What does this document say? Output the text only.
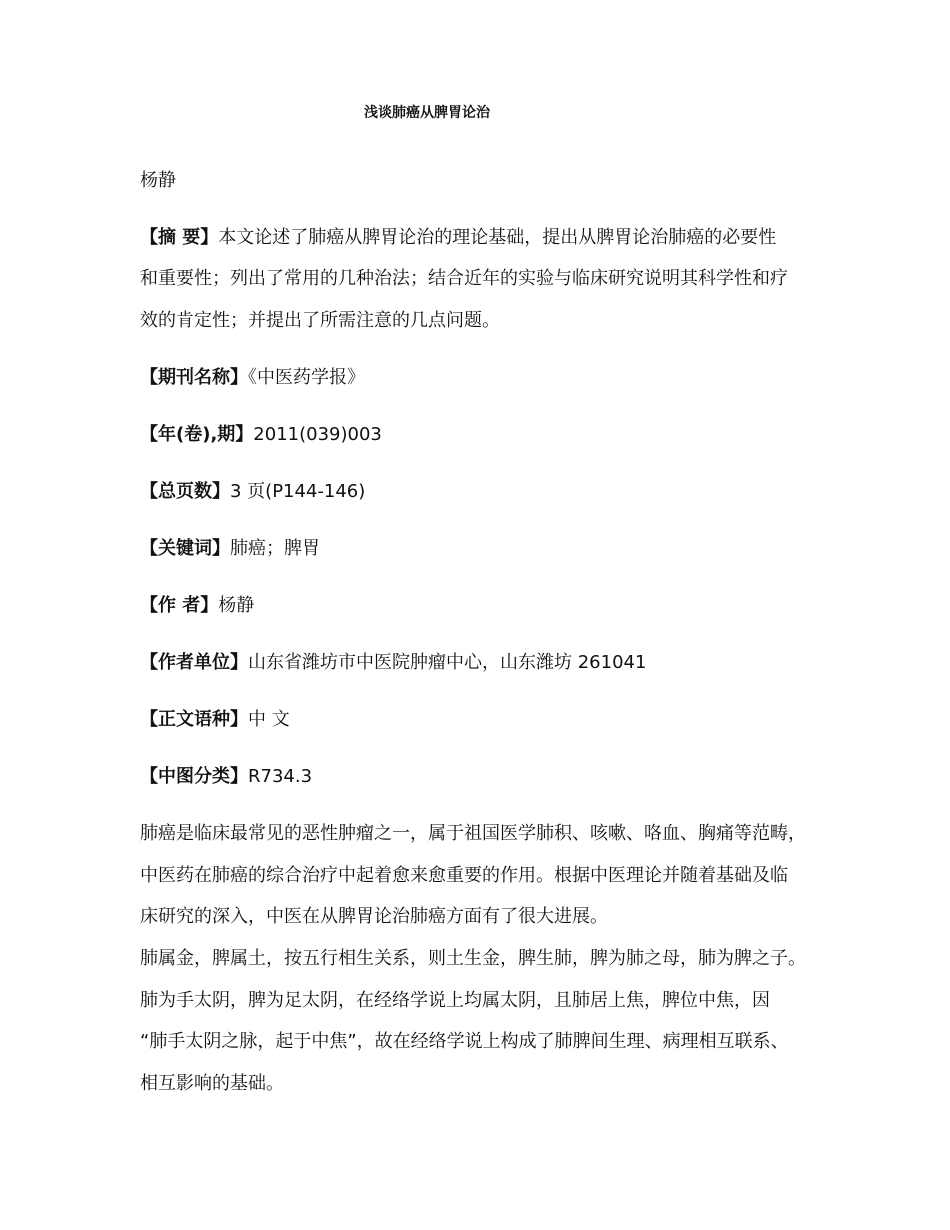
浅谈肺癌从脾胃论治
杨静
【摘 要】本文论述了肺癌从脾胃论治的理论基础，提出从脾胃论治肺癌的必要性
和重要性；列出了常用的几种治法；结合近年的实验与临床研究说明其科学性和疗
效的肯定性；并提出了所需注意的几点问题。
【期刊名称】《中医药学报》
【年(卷),期】2011(039)003
【总页数】3 页(P144-146)
【关键词】肺癌；脾胃
【作 者】杨静
【作者单位】山东省潍坊市中医院肿瘤中心，山东潍坊 261041
【正文语种】中 文
【中图分类】R734.3
肺癌是临床最常见的恶性肿瘤之一，属于祖国医学肺积、咳嗽、咯血、胸痛等范畴，
中医药在肺癌的综合治疗中起着愈来愈重要的作用。根据中医理论并随着基础及临
床研究的深入，中医在从脾胃论治肺癌方面有了很大进展。
肺属金，脾属土，按五行相生关系，则土生金，脾生肺，脾为肺之母，肺为脾之子。
肺为手太阴，脾为足太阴，在经络学说上均属太阴，且肺居上焦，脾位中焦，因
“肺手太阴之脉，起于中焦”，故在经络学说上构成了肺脾间生理、病理相互联系、
相互影响的基础。
